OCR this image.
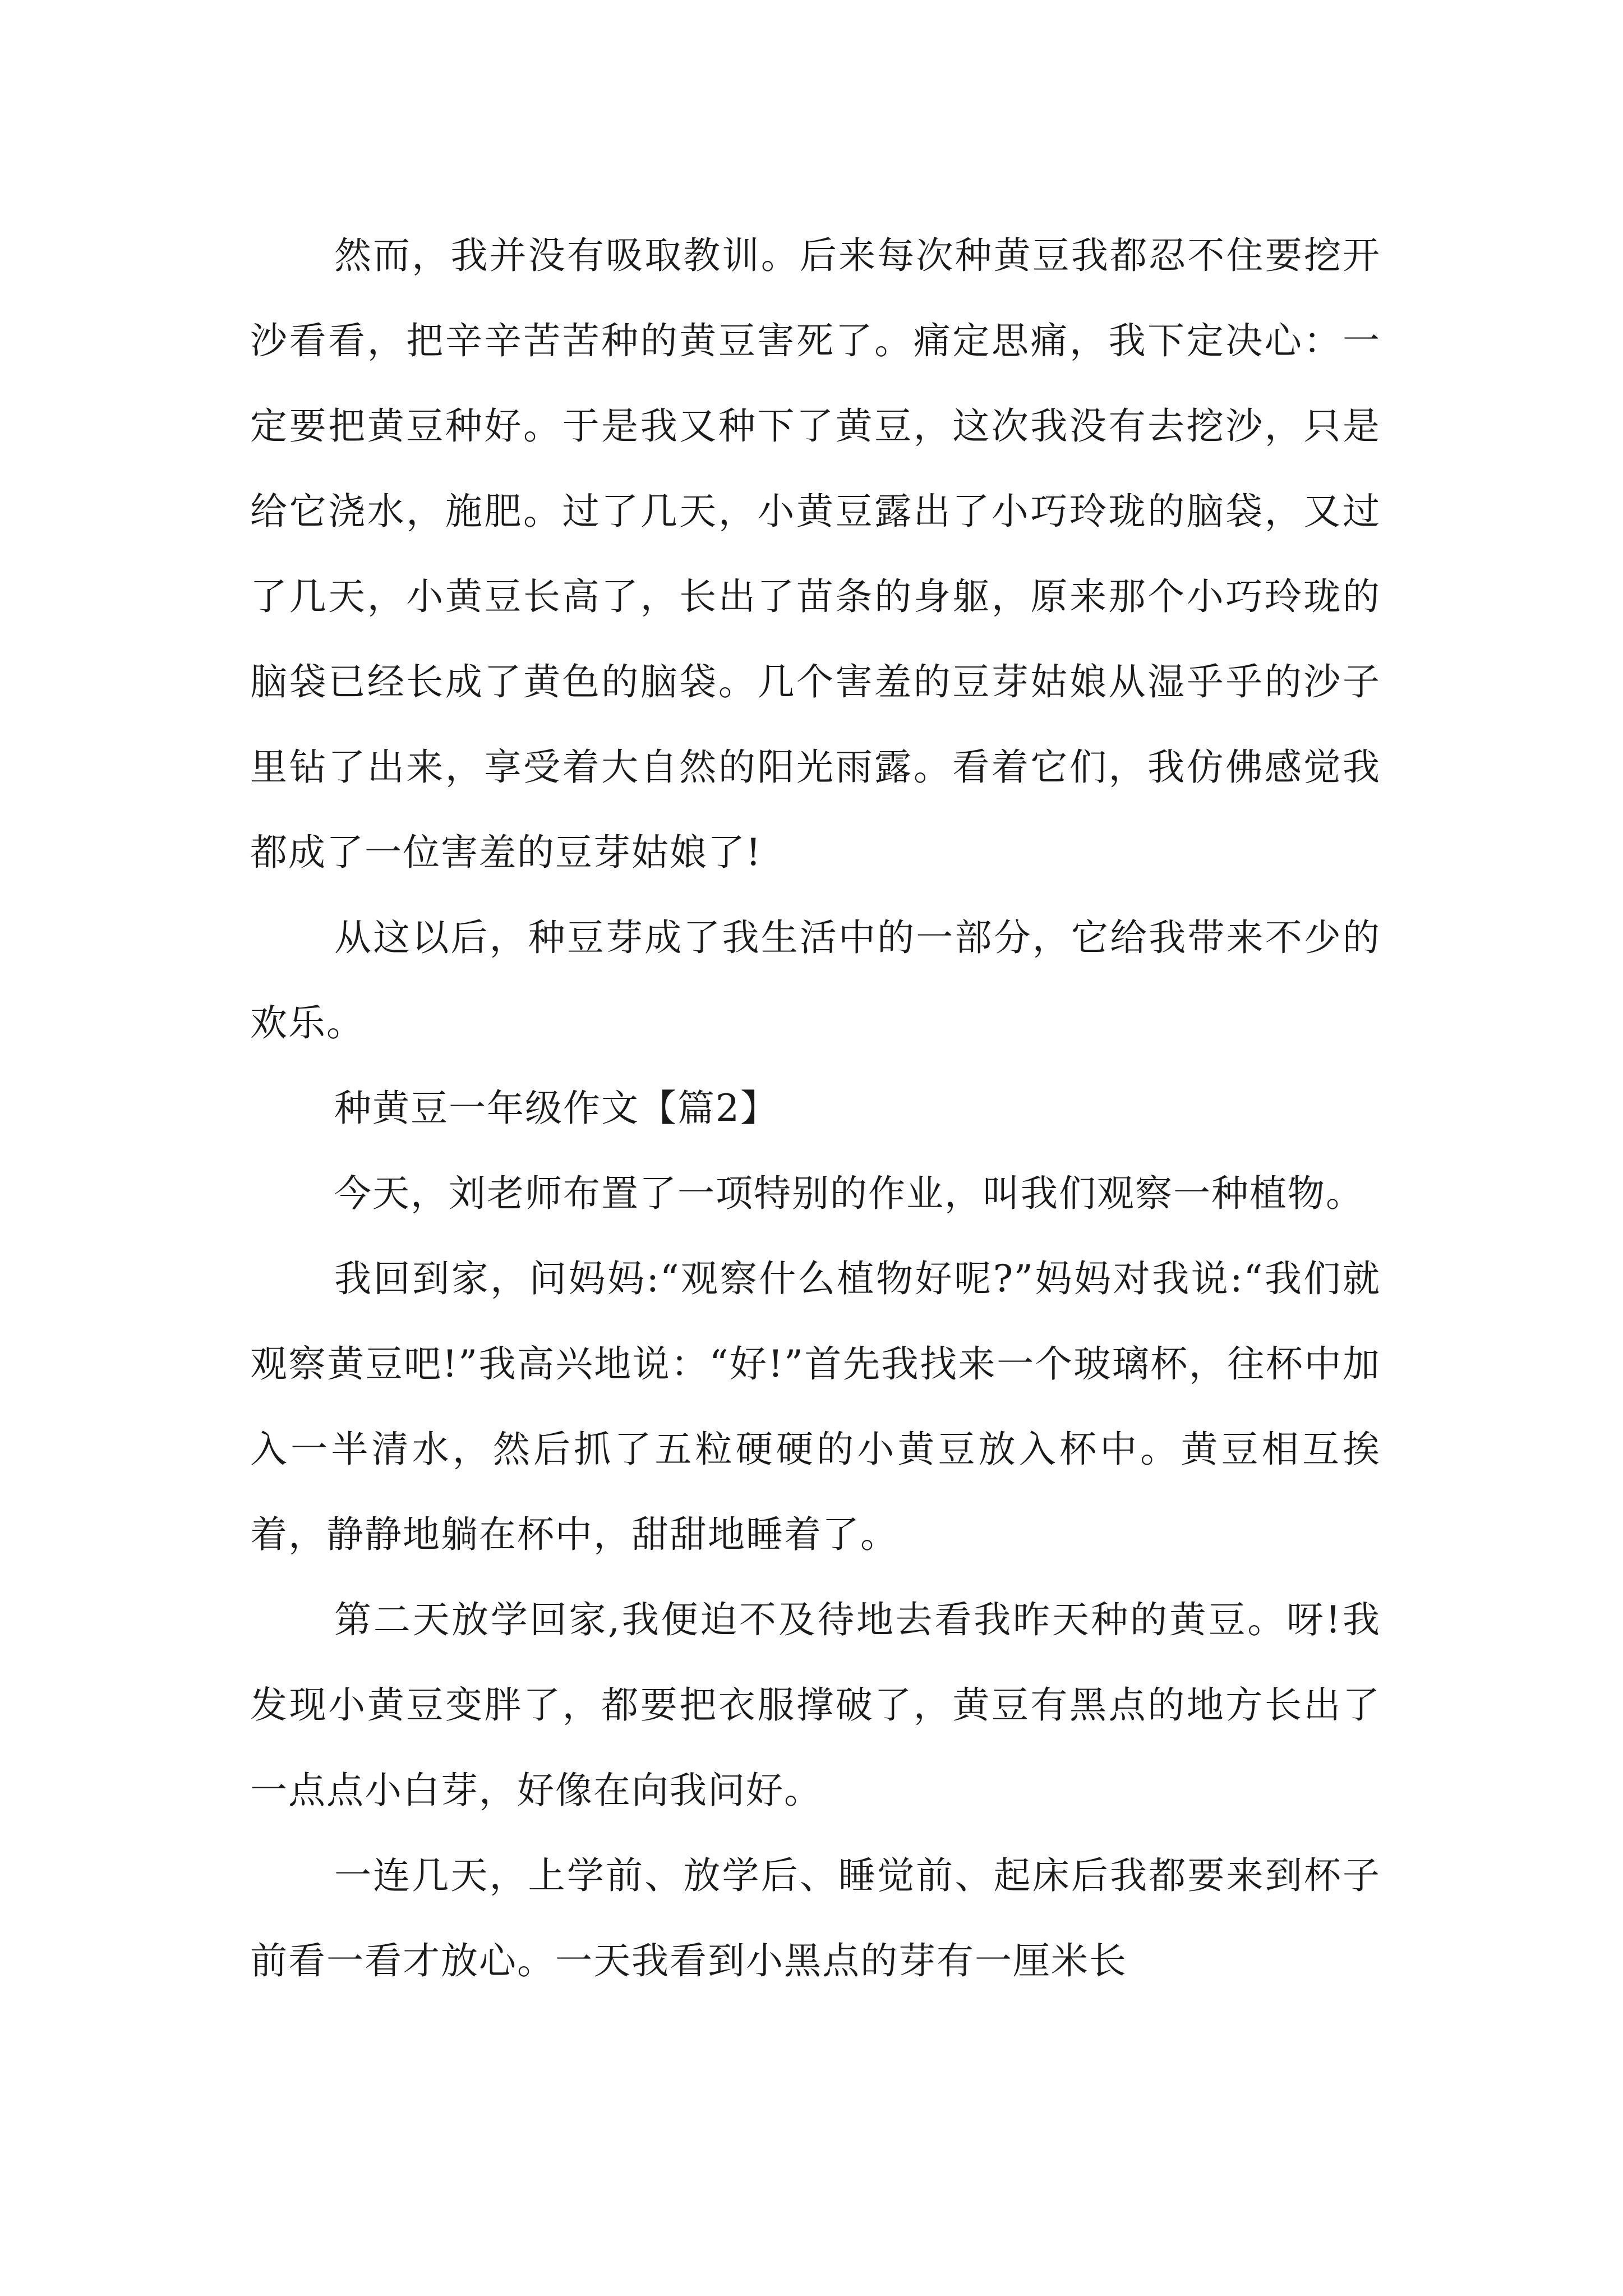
然而，我并没有吸取教训。后来每次种黄豆我都忍不住要挖开沙看看，把辛辛苦苦种的黄豆害死了。痛定思痛，我下定决心：一定要把黄豆种好。于是我又种下了黄豆，这次我没有去挖沙，只是给它浇水，施肥。过了几天，小黄豆露出了小巧玲珑的脑袋，又过了几天，小黄豆长高了，长出了苗条的身躯，原来那个小巧玲珑的脑袋已经长成了黄色的脑袋。几个害羞的豆芽姑娘从湿乎乎的沙子里钻了出来，享受着大自然的阳光雨露。看着它们，我仿佛感觉我都成了一位害羞的豆芽姑娘了!

从这以后，种豆芽成了我生活中的一部分，它给我带来不少的欢乐。

种黄豆一年级作文【篇2】

今天，刘老师布置了一项特别的作业，叫我们观察一种植物。

我回到家，问妈妈:“观察什么植物好呢?”妈妈对我说:“我们就观察黄豆吧!”我高兴地说：“好!”首先我找来一个玻璃杯，往杯中加入一半清水，然后抓了五粒硬硬的小黄豆放入杯中。黄豆相互挨着，静静地躺在杯中，甜甜地睡着了。

第二天放学回家,我便迫不及待地去看我昨天种的黄豆。呀!我发现小黄豆变胖了，都要把衣服撑破了，黄豆有黑点的地方长出了一点点小白芽，好像在向我问好。

一连几天，上学前、放学后、睡觉前、起床后我都要来到杯子前看一看才放心。一天我看到小黑点的芽有一厘米长
